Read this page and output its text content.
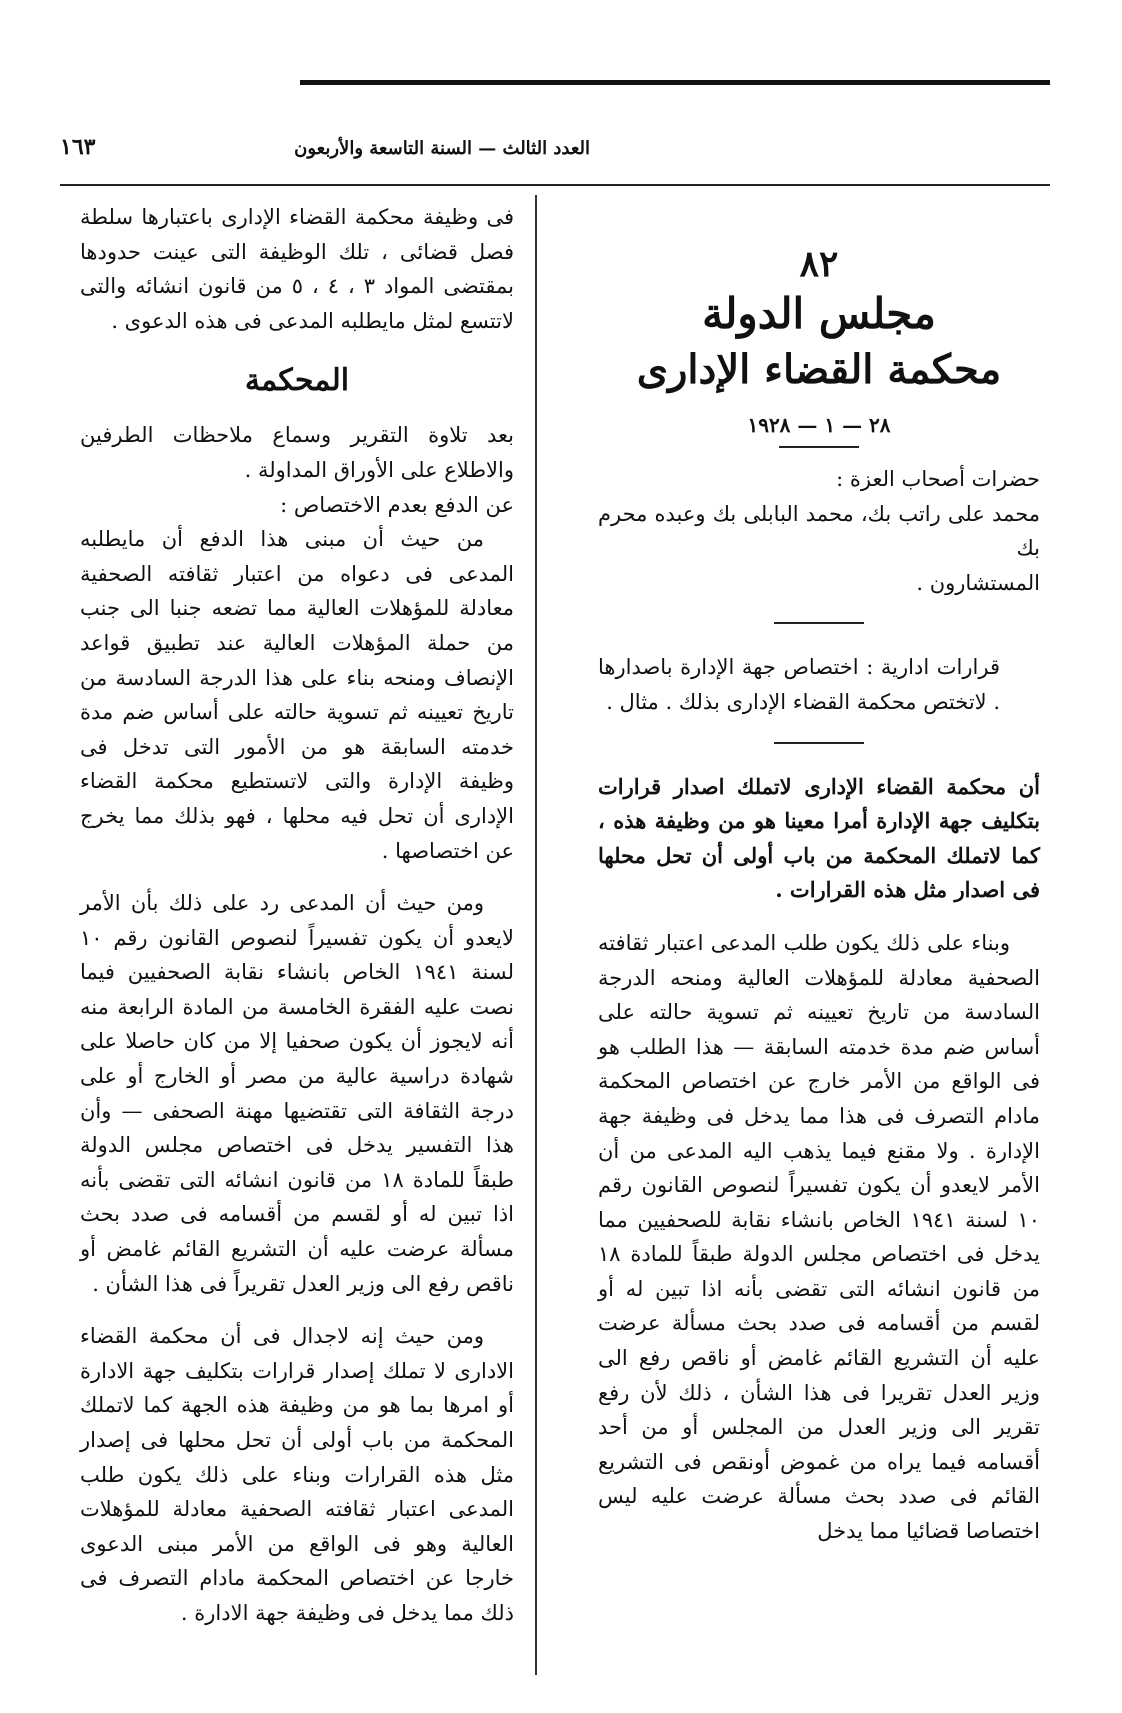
العدد الثالث — السنة التاسعة والأربعون
١٦٣
٨٢
مجلس الدولة
محكمة القضاء الإدارى
٢٨ — ١ — ١٩٢٨

حضرات أصحاب العزة :

محمد على راتب بك، محمد البابلى بك وعبده محرم بك

المستشارون .

قرارات ادارية : اختصاص جهة الإدارة باصدارها . لاتختص محكمة القضاء الإدارى بذلك . مثال .

أن محكمة القضاء الإدارى لاتملك اصدار قرارات بتكليف جهة الإدارة أمرا معينا هو من وظيفة هذه ، كما لاتملك المحكمة من باب أولى أن تحل محلها فى اصدار مثل هذه القرارات .

وبناء على ذلك يكون طلب المدعى اعتبار ثقافته الصحفية معادلة للمؤهلات العالية ومنحه الدرجة السادسة من تاريخ تعيينه ثم تسوية حالته على أساس ضم مدة خدمته السابقة — هذا الطلب هو فى الواقع من الأمر خارج عن اختصاص المحكمة مادام التصرف فى هذا مما يدخل فى وظيفة جهة الإدارة . ولا مقنع فيما يذهب اليه المدعى من أن الأمر لايعدو أن يكون تفسيراً لنصوص القانون رقم ١٠ لسنة ١٩٤١ الخاص بانشاء نقابة للصحفيين مما يدخل فى اختصاص مجلس الدولة طبقاً للمادة ١٨ من قانون انشائه التى تقضى بأنه اذا تبين له أو لقسم من أقسامه فى صدد بحث مسألة عرضت عليه أن التشريع القائم غامض أو ناقص رفع الى وزير العدل تقريرا فى هذا الشأن ، ذلك لأن رفع تقرير الى وزير العدل من المجلس أو من أحد أقسامه فيما يراه من غموض أونقص فى التشريع القائم فى صدد بحث مسألة عرضت عليه ليس اختصاصا قضائيا مما يدخل

فى وظيفة محكمة القضاء الإدارى باعتبارها سلطة فصل قضائى ، تلك الوظيفة التى عينت حدودها بمقتضى المواد ٣ ، ٤ ، ٥ من قانون انشائه والتى لاتتسع لمثل مايطلبه المدعى فى هذه الدعوى .

المحكمة

بعد تلاوة التقرير وسماع ملاحظات الطرفين والاطلاع على الأوراق المداولة .

عن الدفع بعدم الاختصاص :

من حيث أن مبنى هذا الدفع أن مايطلبه المدعى فى دعواه من اعتبار ثقافته الصحفية معادلة للمؤهلات العالية مما تضعه جنبا الى جنب من حملة المؤهلات العالية عند تطبيق قواعد الإنصاف ومنحه بناء على هذا الدرجة السادسة من تاريخ تعيينه ثم تسوية حالته على أساس ضم مدة خدمته السابقة هو من الأمور التى تدخل فى وظيفة الإدارة والتى لاتستطيع محكمة القضاء الإدارى أن تحل فيه محلها ، فهو بذلك مما يخرج عن اختصاصها .

ومن حيث أن المدعى رد على ذلك بأن الأمر لايعدو أن يكون تفسيراً لنصوص القانون رقم ١٠ لسنة ١٩٤١ الخاص بانشاء نقابة الصحفيين فيما نصت عليه الفقرة الخامسة من المادة الرابعة منه أنه لايجوز أن يكون صحفيا إلا من كان حاصلا على شهادة دراسية عالية من مصر أو الخارج أو على درجة الثقافة التى تقتضيها مهنة الصحفى — وأن هذا التفسير يدخل فى اختصاص مجلس الدولة طبقاً للمادة ١٨ من قانون انشائه التى تقضى بأنه اذا تبين له أو لقسم من أقسامه فى صدد بحث مسألة عرضت عليه أن التشريع القائم غامض أو ناقص رفع الى وزير العدل تقريراً فى هذا الشأن .

ومن حيث إنه لاجدال فى أن محكمة القضاء الادارى لا تملك إصدار قرارات بتكليف جهة الادارة أو امرها بما هو من وظيفة هذه الجهة كما لاتملك المحكمة من باب أولى أن تحل محلها فى إصدار مثل هذه القرارات وبناء على ذلك يكون طلب المدعى اعتبار ثقافته الصحفية معادلة للمؤهلات العالية وهو فى الواقع من الأمر مبنى الدعوى خارجا عن اختصاص المحكمة مادام التصرف فى ذلك مما يدخل فى وظيفة جهة الادارة .
